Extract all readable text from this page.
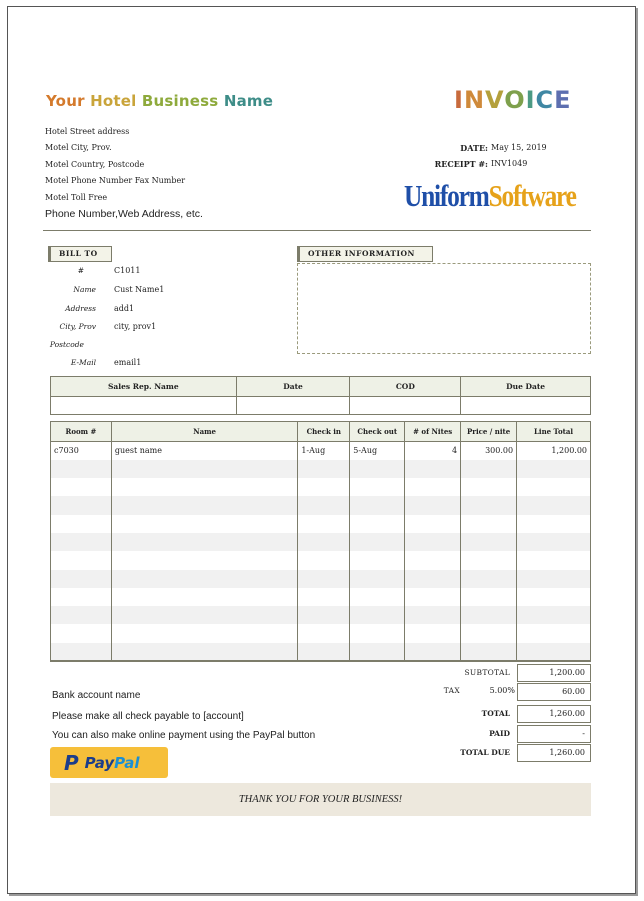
Your Hotel Business Name
Hotel Street address
Motel City, Prov.
Motel Country, Postcode
Motel Phone Number Fax Number
Motel Toll Free
Phone Number,Web Address, etc.
INVOICE
DATE: May 15, 2019
RECEIPT #: INV1049
UniformSoftware
BILL TO
#	C1011
Name Cust Name1
Address add1
City, Prov city, prov1
Postcode
E-Mail email1
OTHER INFORMATION
Sales Rep. Name	Date	COD	Due Date

Room #	Name	Check in	Check out	# of Nites	Price / nite	Line Total
c7030	guest name	1-Aug	5-Aug	4	300.00	1,200.00

SUBTOTAL	1,200.00
TAX	5.00%	60.00
TOTAL	1,260.00
PAID	-
TOTAL DUE	1,260.00
Bank account name
Please make all check payable to [account]
You can also make online payment using the PayPal button
P PayPal
THANK YOU FOR YOUR BUSINESS!
